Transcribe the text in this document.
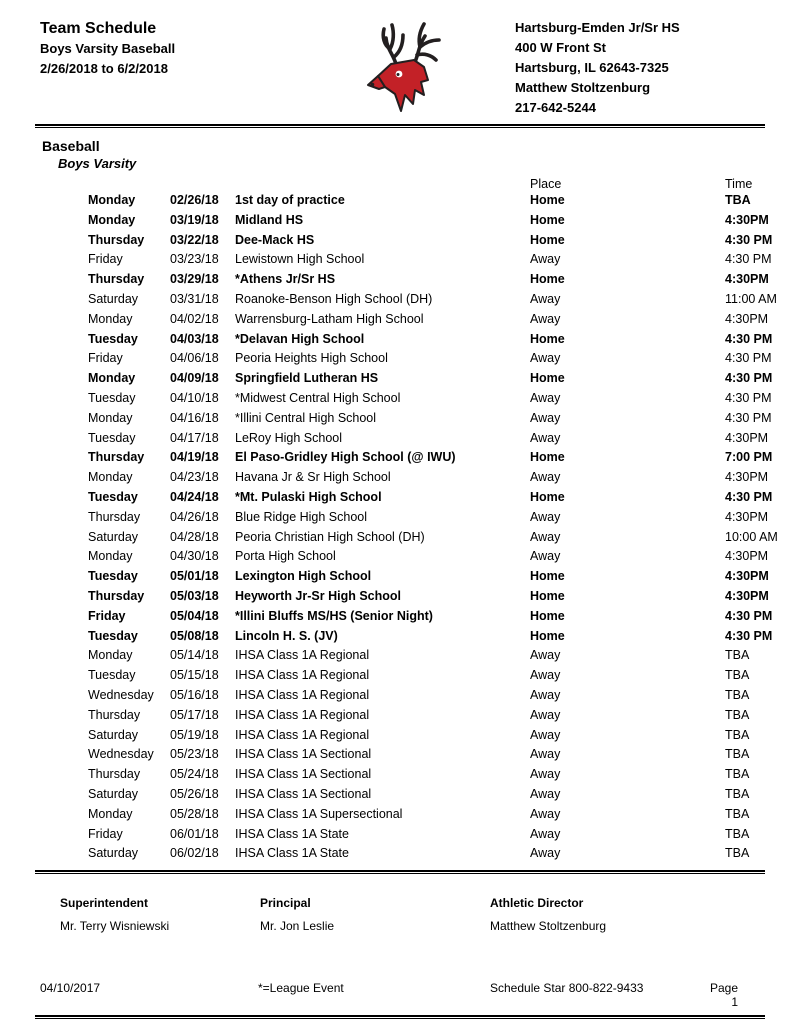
Team Schedule
Boys Varsity Baseball
2/26/2018 to 6/2/2018
Hartsburg-Emden Jr/Sr HS
400 W Front St
Hartsburg, IL 62643-7325
Matthew Stoltzenburg
217-642-5244
Baseball
Boys Varsity
Place	Time
Monday	02/26/18	1st day of practice	Home	TBA
Monday	03/19/18	Midland HS	Home	4:30PM
Thursday	03/22/18	Dee-Mack HS	Home	4:30 PM
Friday	03/23/18	Lewistown High School	Away	4:30 PM
Thursday	03/29/18	*Athens Jr/Sr HS	Home	4:30PM
Saturday	03/31/18	Roanoke-Benson High School (DH)	Away	11:00 AM
Monday	04/02/18	Warrensburg-Latham High School	Away	4:30PM
Tuesday	04/03/18	*Delavan High School	Home	4:30 PM
Friday	04/06/18	Peoria Heights High School	Away	4:30 PM
Monday	04/09/18	Springfield Lutheran HS	Home	4:30 PM
Tuesday	04/10/18	*Midwest Central High School	Away	4:30 PM
Monday	04/16/18	*Illini Central High School	Away	4:30 PM
Tuesday	04/17/18	LeRoy High School	Away	4:30PM
Thursday	04/19/18	El Paso-Gridley High School (@ IWU)	Home	7:00 PM
Monday	04/23/18	Havana Jr & Sr High School	Away	4:30PM
Tuesday	04/24/18	*Mt. Pulaski High School	Home	4:30 PM
Thursday	04/26/18	Blue Ridge High School	Away	4:30PM
Saturday	04/28/18	Peoria Christian High School (DH)	Away	10:00 AM
Monday	04/30/18	Porta High School	Away	4:30PM
Tuesday	05/01/18	Lexington High School	Home	4:30PM
Thursday	05/03/18	Heyworth Jr-Sr High School	Home	4:30PM
Friday	05/04/18	*Illini Bluffs MS/HS (Senior Night)	Home	4:30 PM
Tuesday	05/08/18	Lincoln H. S. (JV)	Home	4:30 PM
Monday	05/14/18	IHSA Class 1A Regional	Away	TBA
Tuesday	05/15/18	IHSA Class 1A Regional	Away	TBA
Wednesday	05/16/18	IHSA Class 1A Regional	Away	TBA
Thursday	05/17/18	IHSA Class 1A Regional	Away	TBA
Saturday	05/19/18	IHSA Class 1A Regional	Away	TBA
Wednesday	05/23/18	IHSA Class 1A Sectional	Away	TBA
Thursday	05/24/18	IHSA Class 1A Sectional	Away	TBA
Saturday	05/26/18	IHSA Class 1A Sectional	Away	TBA
Monday	05/28/18	IHSA Class 1A Supersectional	Away	TBA
Friday	06/01/18	IHSA Class 1A State	Away	TBA
Saturday	06/02/18	IHSA Class 1A State	Away	TBA
Superintendent
Mr. Terry Wisniewski
Principal
Mr. Jon Leslie
Athletic Director
Matthew Stoltzenburg
04/10/2017	*=League Event	Schedule Star 800-822-9433	Page 1
